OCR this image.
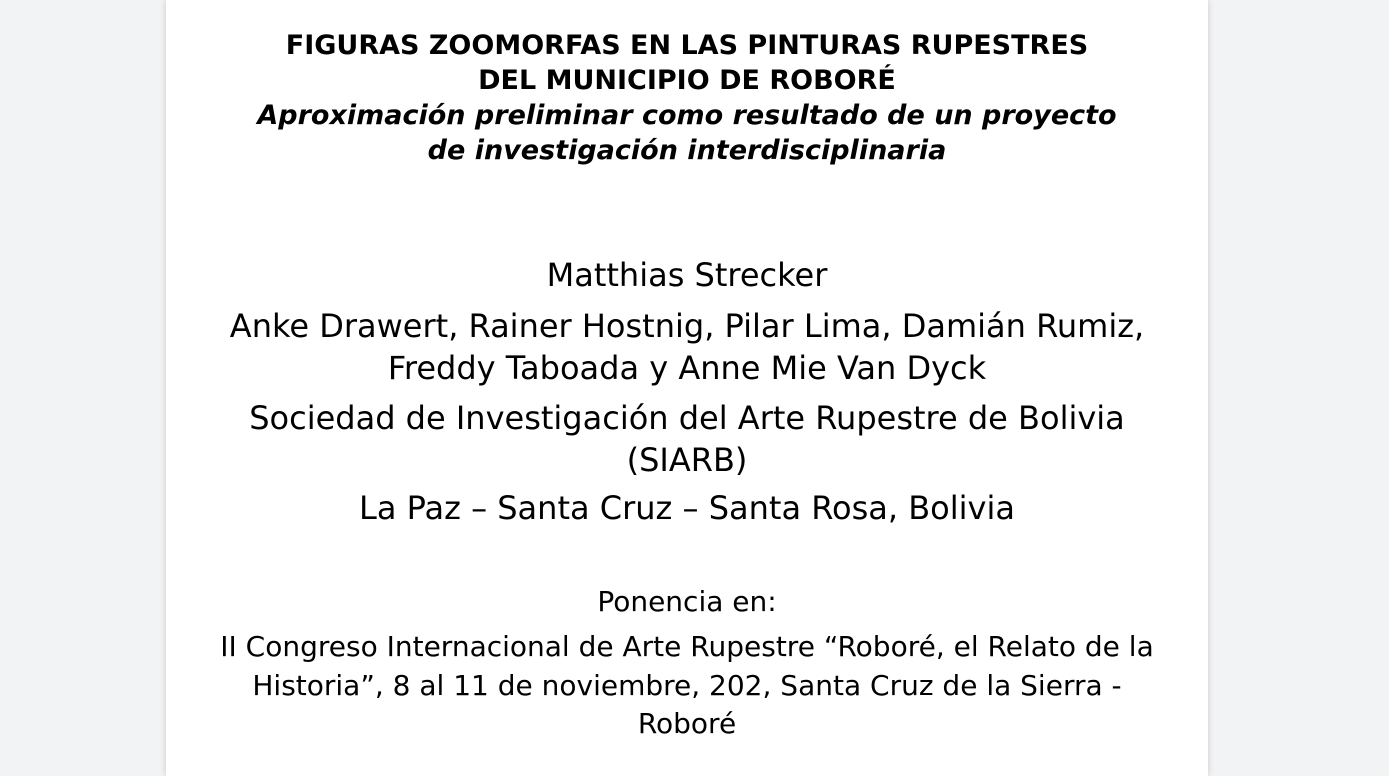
FIGURAS ZOOMORFAS EN LAS PINTURAS RUPESTRES
DEL MUNICIPIO DE ROBORÉ
Aproximación preliminar como resultado de un proyecto
de investigación interdisciplinaria

Matthias Strecker

Anke Drawert, Rainer Hostnig, Pilar Lima, Damián Rumiz,
Freddy Taboada y Anne Mie Van Dyck

Sociedad de Investigación del Arte Rupestre de Bolivia (SIARB)

La Paz – Santa Cruz – Santa Rosa, Bolivia

Ponencia en:

II Congreso Internacional de Arte Rupestre “Roboré, el Relato de la Historia”, 8 al 11 de noviembre, 202, Santa Cruz de la Sierra - Roboré
